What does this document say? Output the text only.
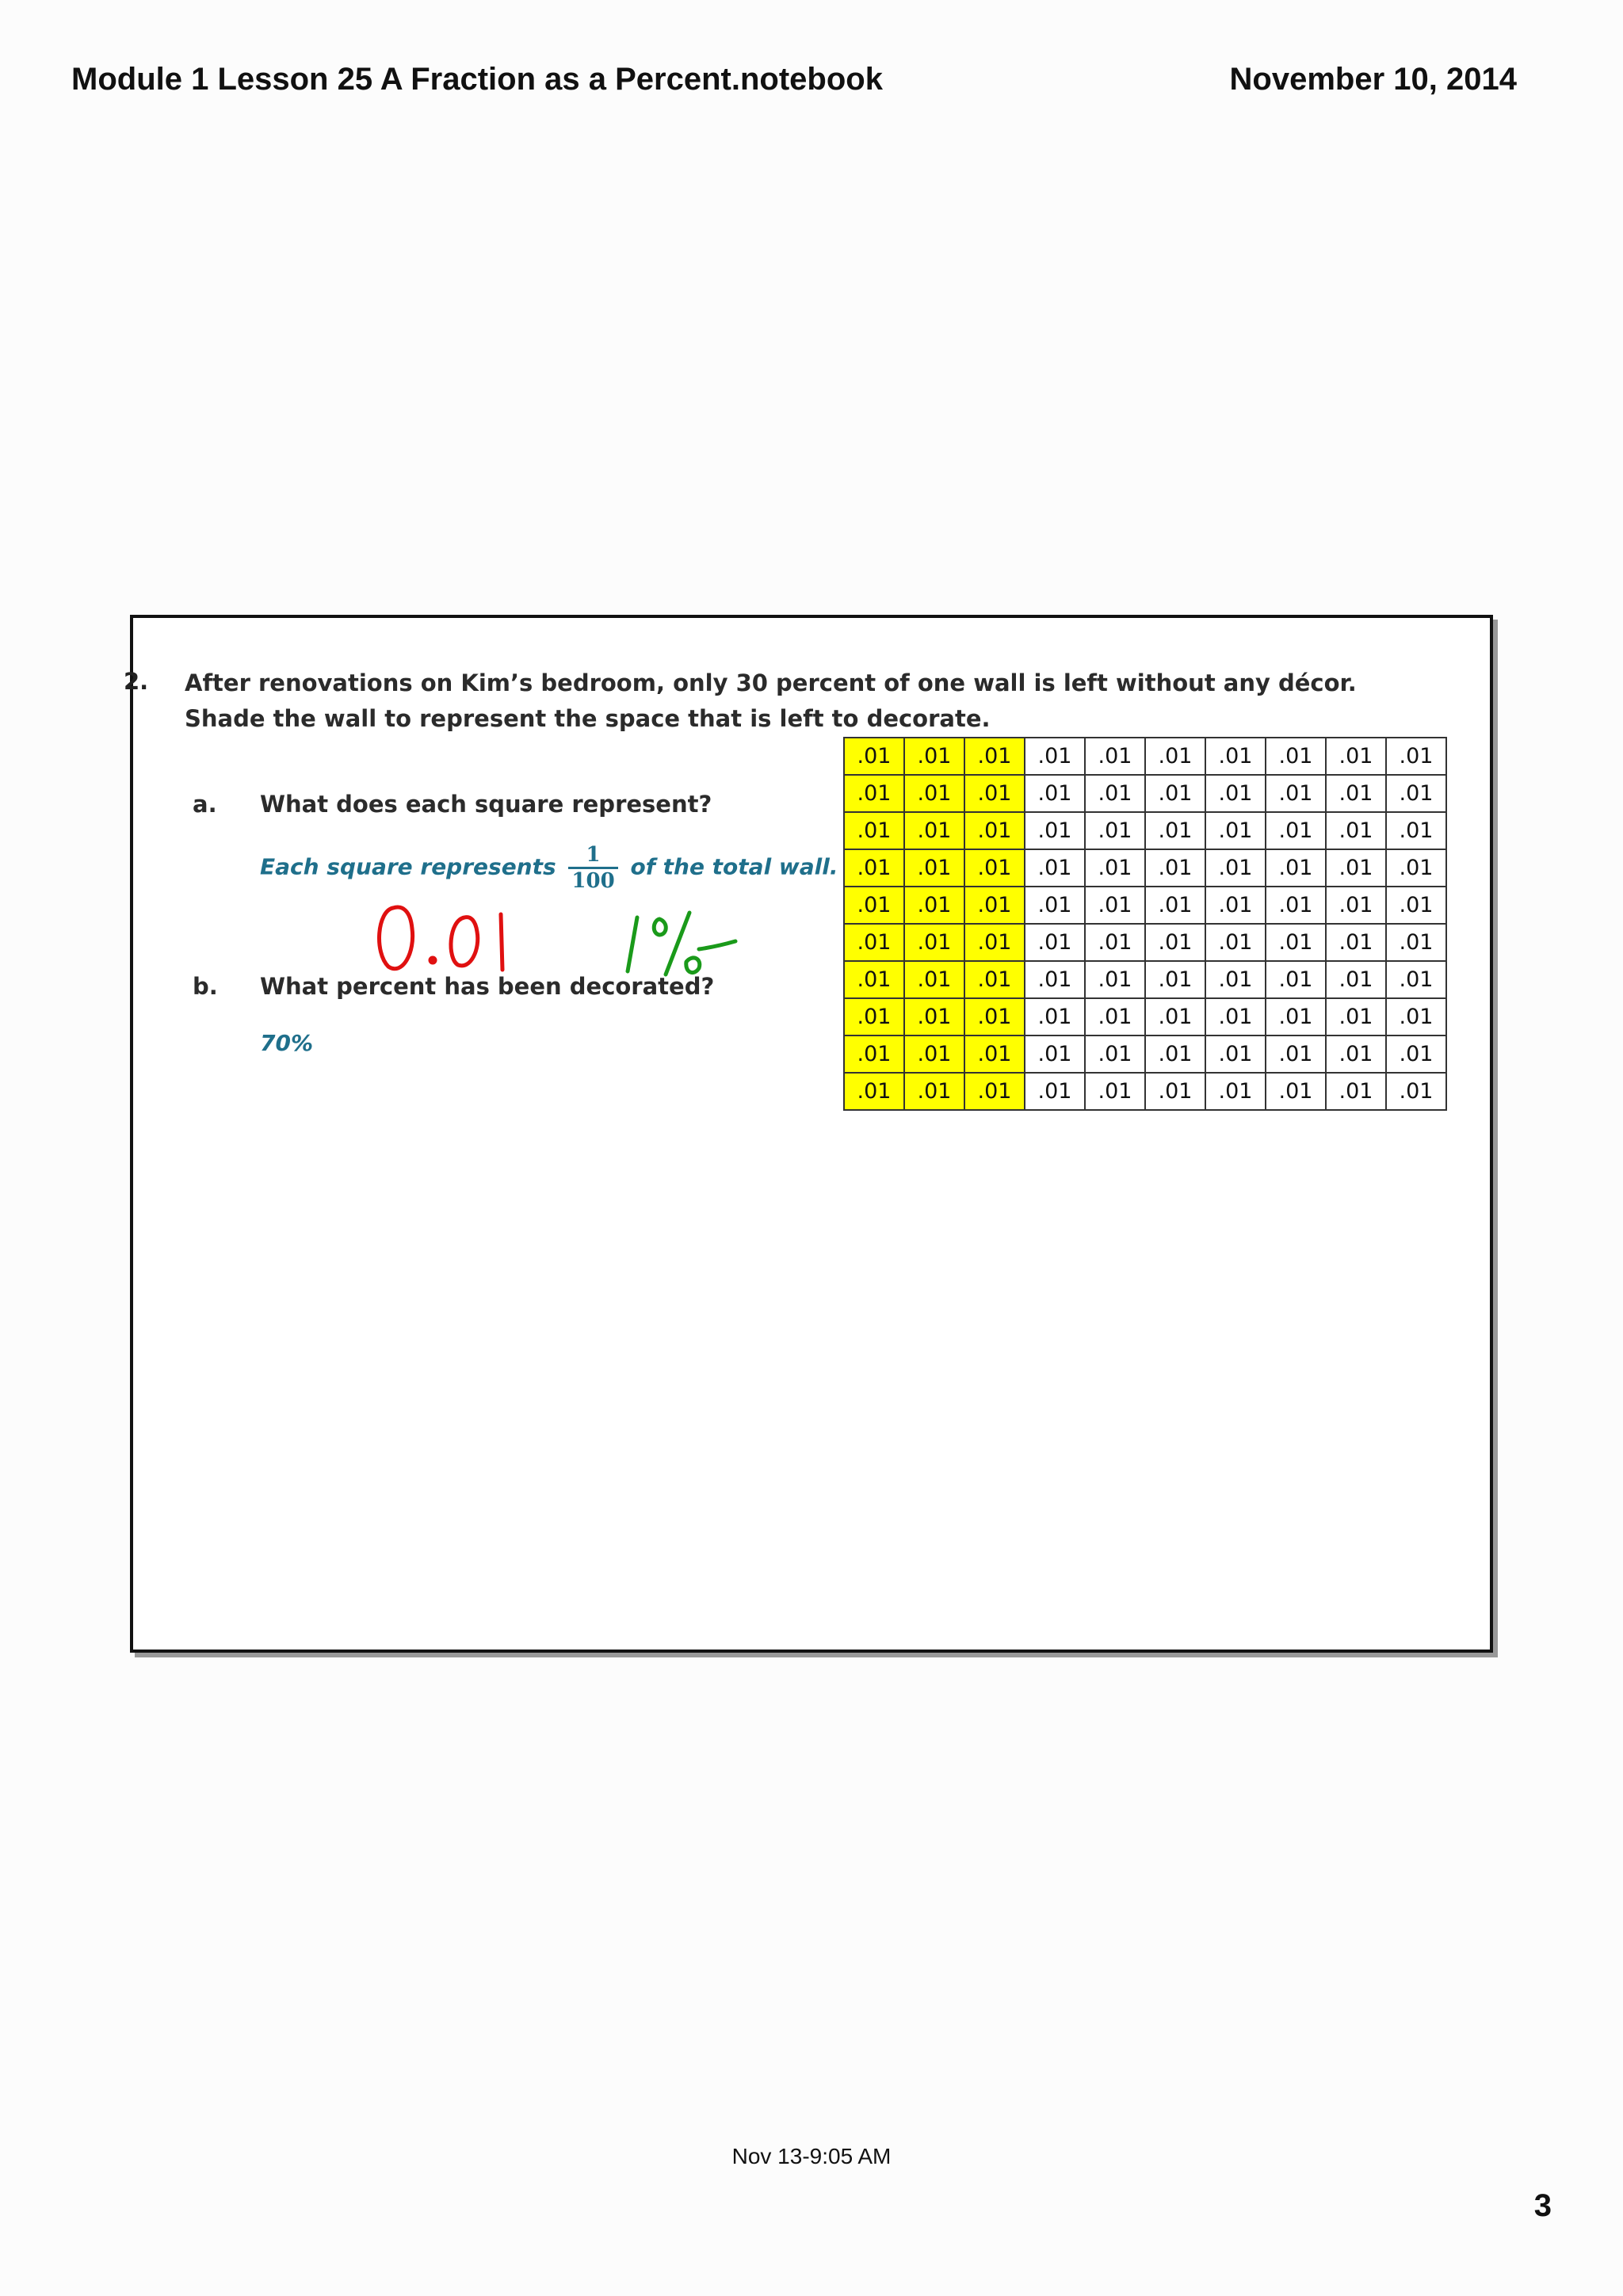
Module 1 Lesson 25 A Fraction as a Percent.notebook	November 10, 2014
2. After renovations on Kim’s bedroom, only 30 percent of one wall is left without any décor. Shade the wall to represent the space that is left to decorate.
a. What does each square represent?
Each square represents $\frac{1}{100}$ of the total wall.
b. What percent has been decorated?
70%
.01	.01	.01	.01	.01	.01	.01	.01	.01	.01
.01	.01	.01	.01	.01	.01	.01	.01	.01	.01
.01	.01	.01	.01	.01	.01	.01	.01	.01	.01
.01	.01	.01	.01	.01	.01	.01	.01	.01	.01
.01	.01	.01	.01	.01	.01	.01	.01	.01	.01
.01	.01	.01	.01	.01	.01	.01	.01	.01	.01
.01	.01	.01	.01	.01	.01	.01	.01	.01	.01
.01	.01	.01	.01	.01	.01	.01	.01	.01	.01
.01	.01	.01	.01	.01	.01	.01	.01	.01	.01
.01	.01	.01	.01	.01	.01	.01	.01	.01	.01
Nov 13-9:05 AM
3
